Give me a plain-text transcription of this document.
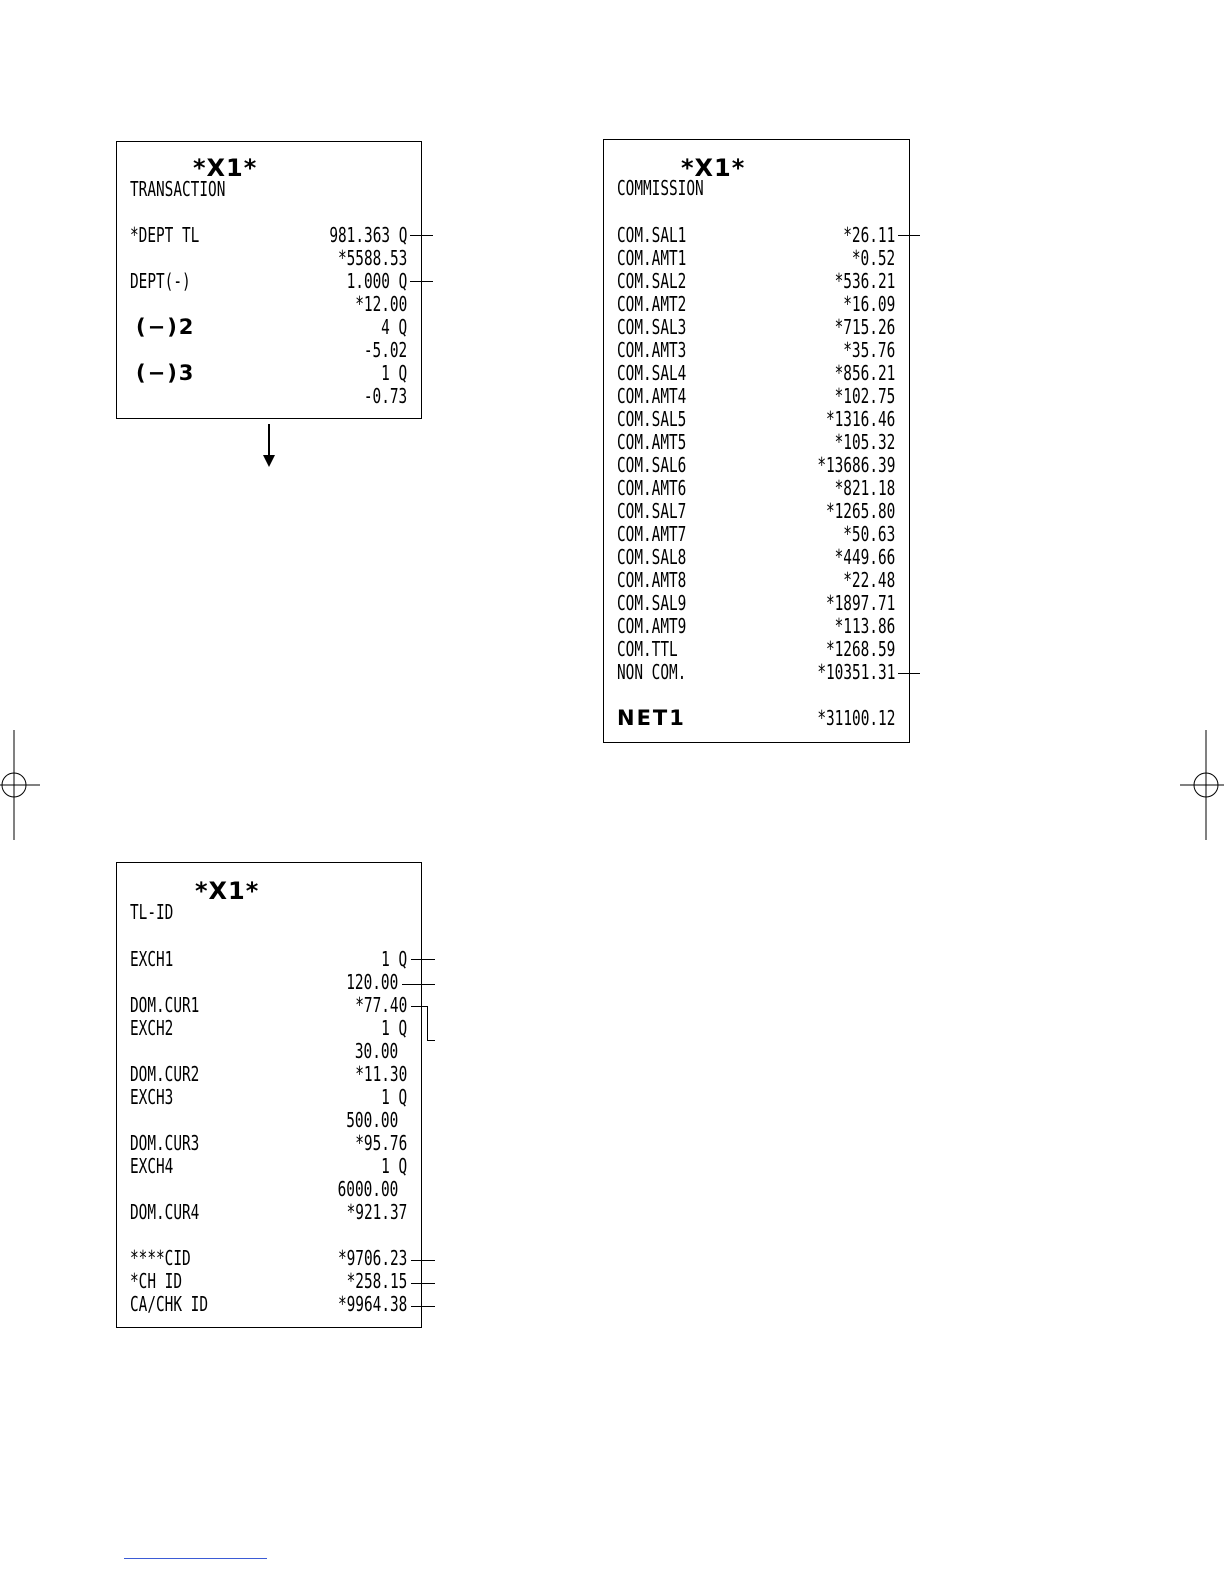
*X1*
TRANSACTION
*DEPT TL	981.363 Q
*5588.53
DEPT(-)	1.000 Q
*12.00
(−)2	4 Q
-5.02
(−)3	1 Q
-0.73
*X1*
COMMISSION
COM.SAL1	*26.11
COM.AMT1	*0.52
COM.SAL2	*536.21
COM.AMT2	*16.09
COM.SAL3	*715.26
COM.AMT3	*35.76
COM.SAL4	*856.21
COM.AMT4	*102.75
COM.SAL5	*1316.46
COM.AMT5	*105.32
COM.SAL6	*13686.39
COM.AMT6	*821.18
COM.SAL7	*1265.80
COM.AMT7	*50.63
COM.SAL8	*449.66
COM.AMT8	*22.48
COM.SAL9	*1897.71
COM.AMT9	*113.86
COM.TTL	*1268.59
NON COM.	*10351.31
NET1	*31100.12
*X1*
TL-ID
EXCH1	1 Q
120.00
DOM.CUR1	*77.40
EXCH2	1 Q
30.00
DOM.CUR2	*11.30
EXCH3	1 Q
500.00
DOM.CUR3	*95.76
EXCH4	1 Q
6000.00
DOM.CUR4	*921.37
****CID	*9706.23
*CH ID	*258.15
CA/CHK ID	*9964.38
